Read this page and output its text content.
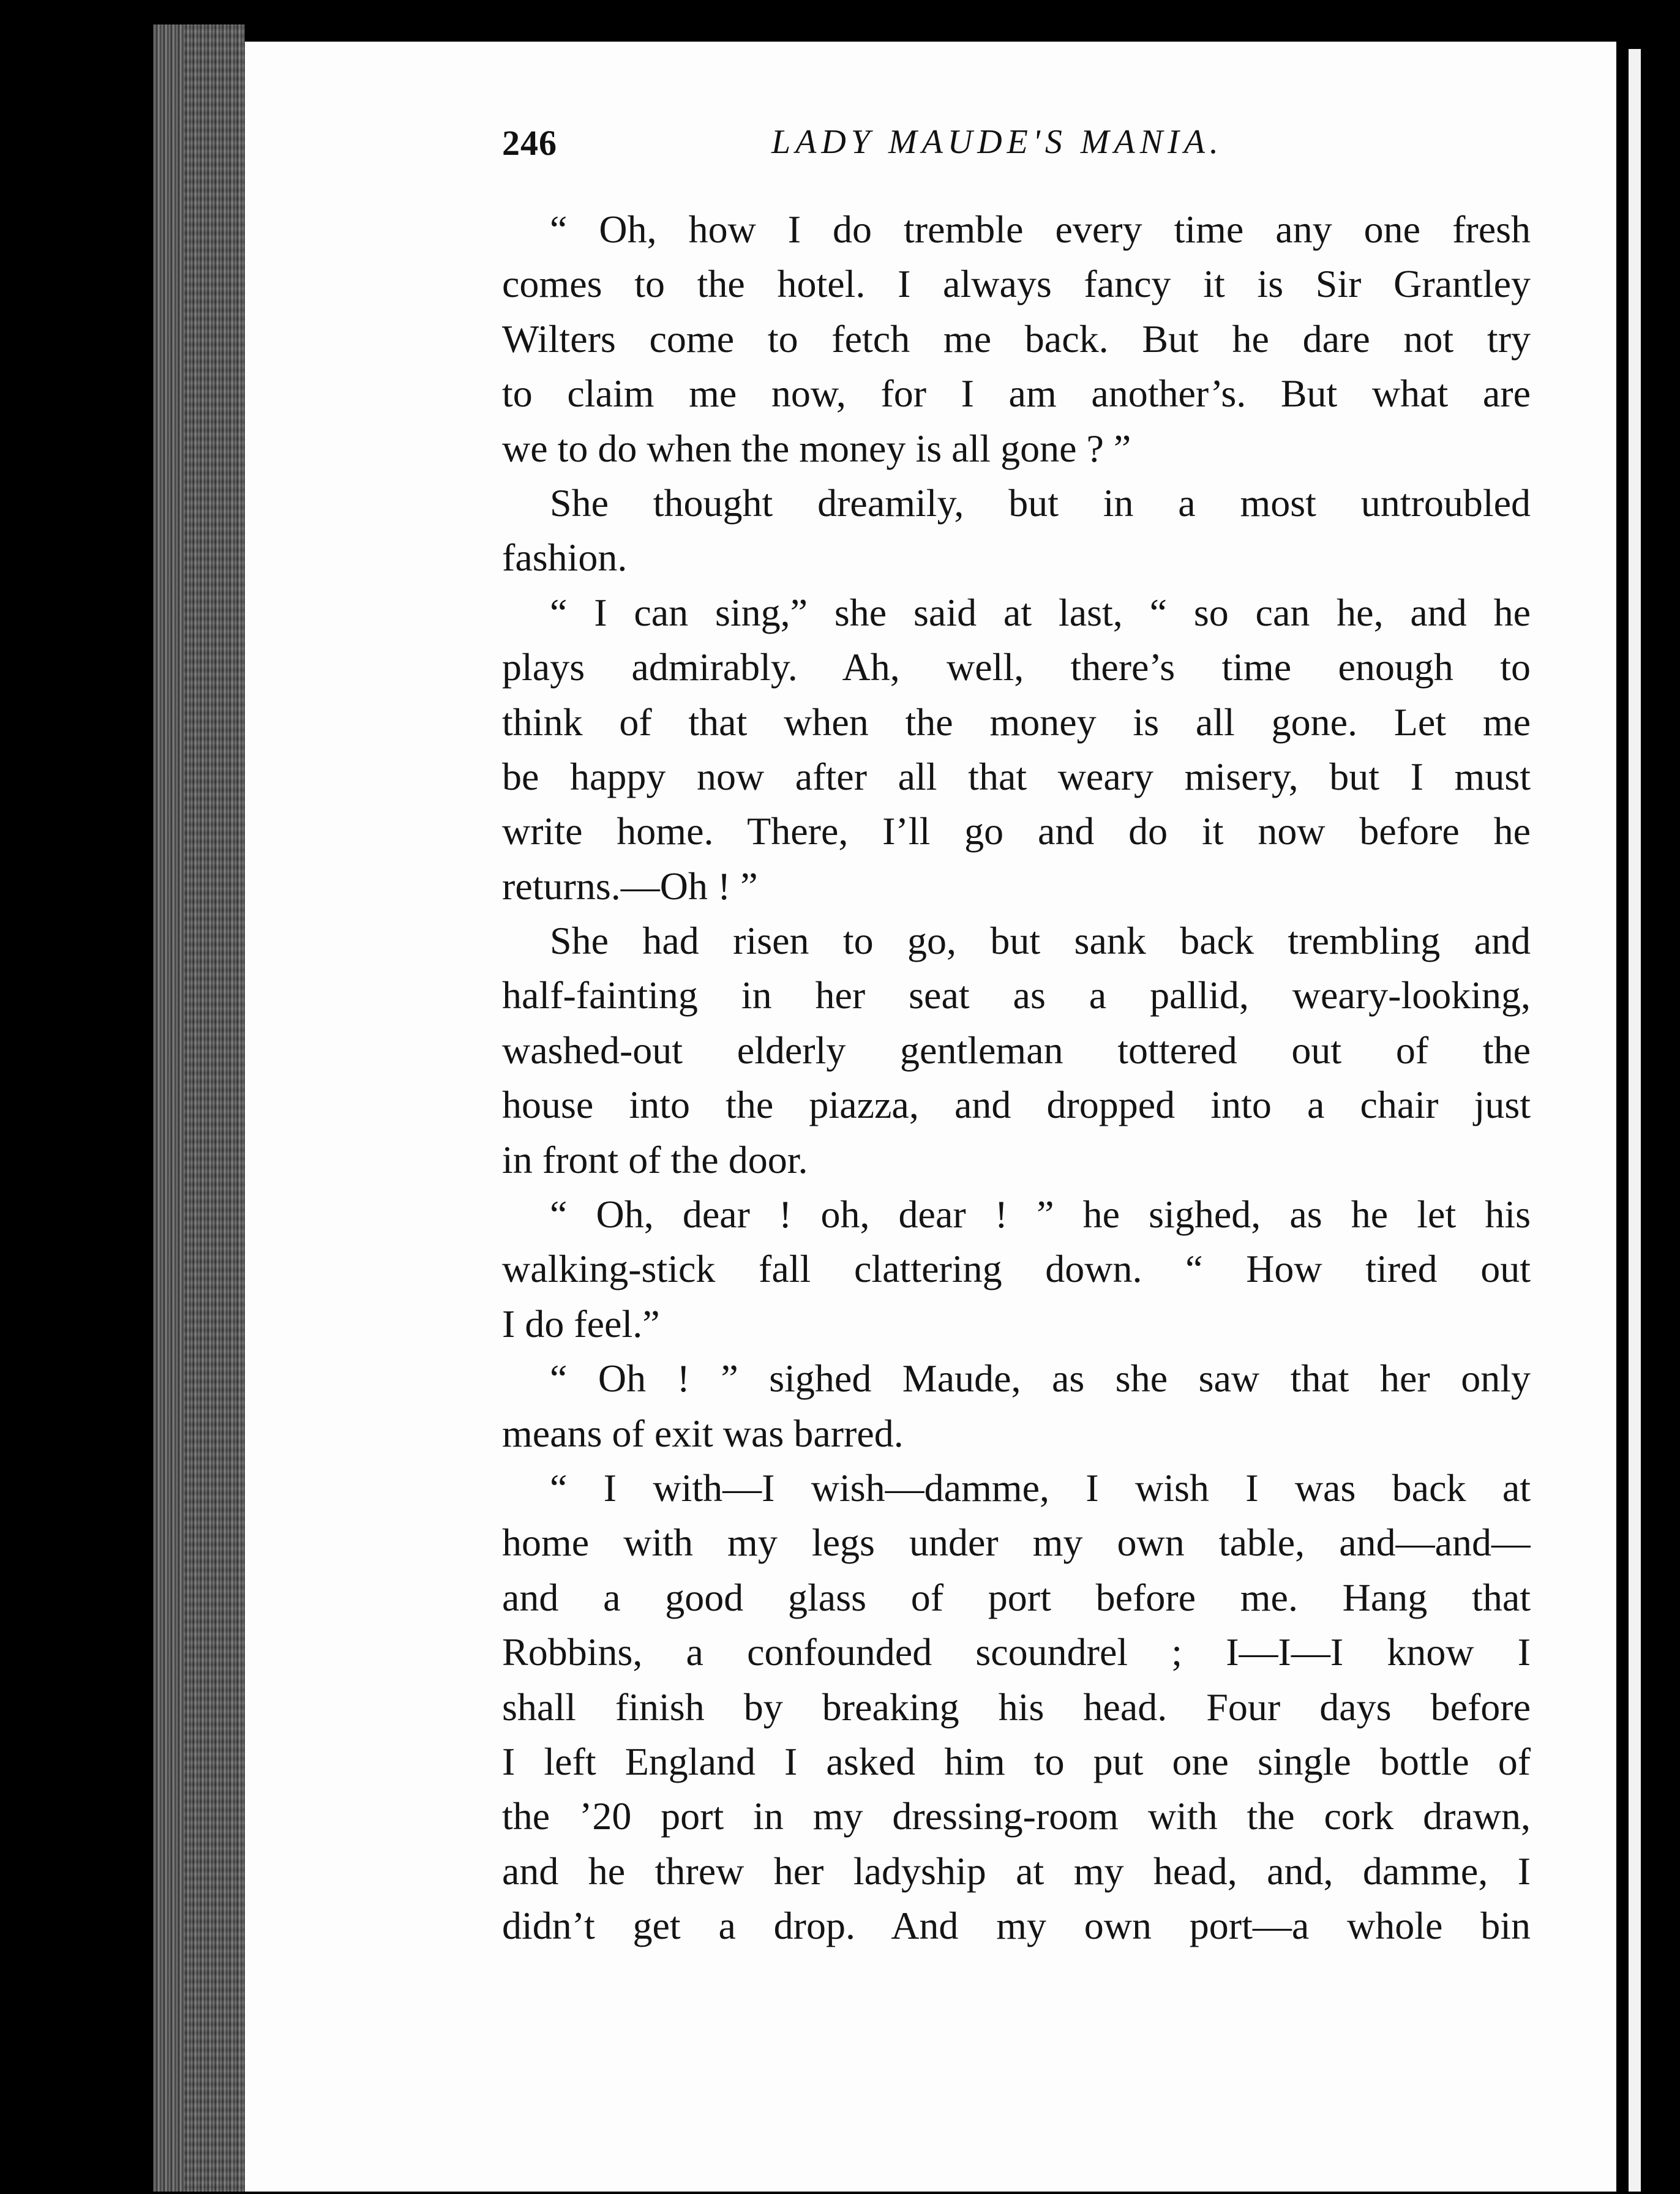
246	LADY MAUDE'S MANIA.
“ Oh, how I do tremble every time any one fresh
comes to the hotel. I always fancy it is Sir Grantley
Wilters come to fetch me back. But he dare not try
to claim me now, for I am another’s. But what are
we to do when the money is all gone ? ”
She thought dreamily, but in a most untroubled
fashion.
“ I can sing,” she said at last, “ so can he, and he
plays admirably. Ah, well, there’s time enough to
think of that when the money is all gone. Let me
be happy now after all that weary misery, but I must
write home. There, I’ll go and do it now before he
returns.—Oh ! ”
She had risen to go, but sank back trembling and
half-fainting in her seat as a pallid, weary-looking,
washed-out elderly gentleman tottered out of the
house into the piazza, and dropped into a chair just
in front of the door.
“ Oh, dear ! oh, dear ! ” he sighed, as he let his
walking-stick fall clattering down. “ How tired out
I do feel.”
“ Oh ! ” sighed Maude, as she saw that her only
means of exit was barred.
“ I with—I wish—damme, I wish I was back at
home with my legs under my own table, and—and—
and a good glass of port before me. Hang that
Robbins, a confounded scoundrel ; I—I—I know I
shall finish by breaking his head. Four days before
I left England I asked him to put one single bottle of
the ’20 port in my dressing-room with the cork drawn,
and he threw her ladyship at my head, and, damme, I
didn’t get a drop. And my own port—a whole bin
